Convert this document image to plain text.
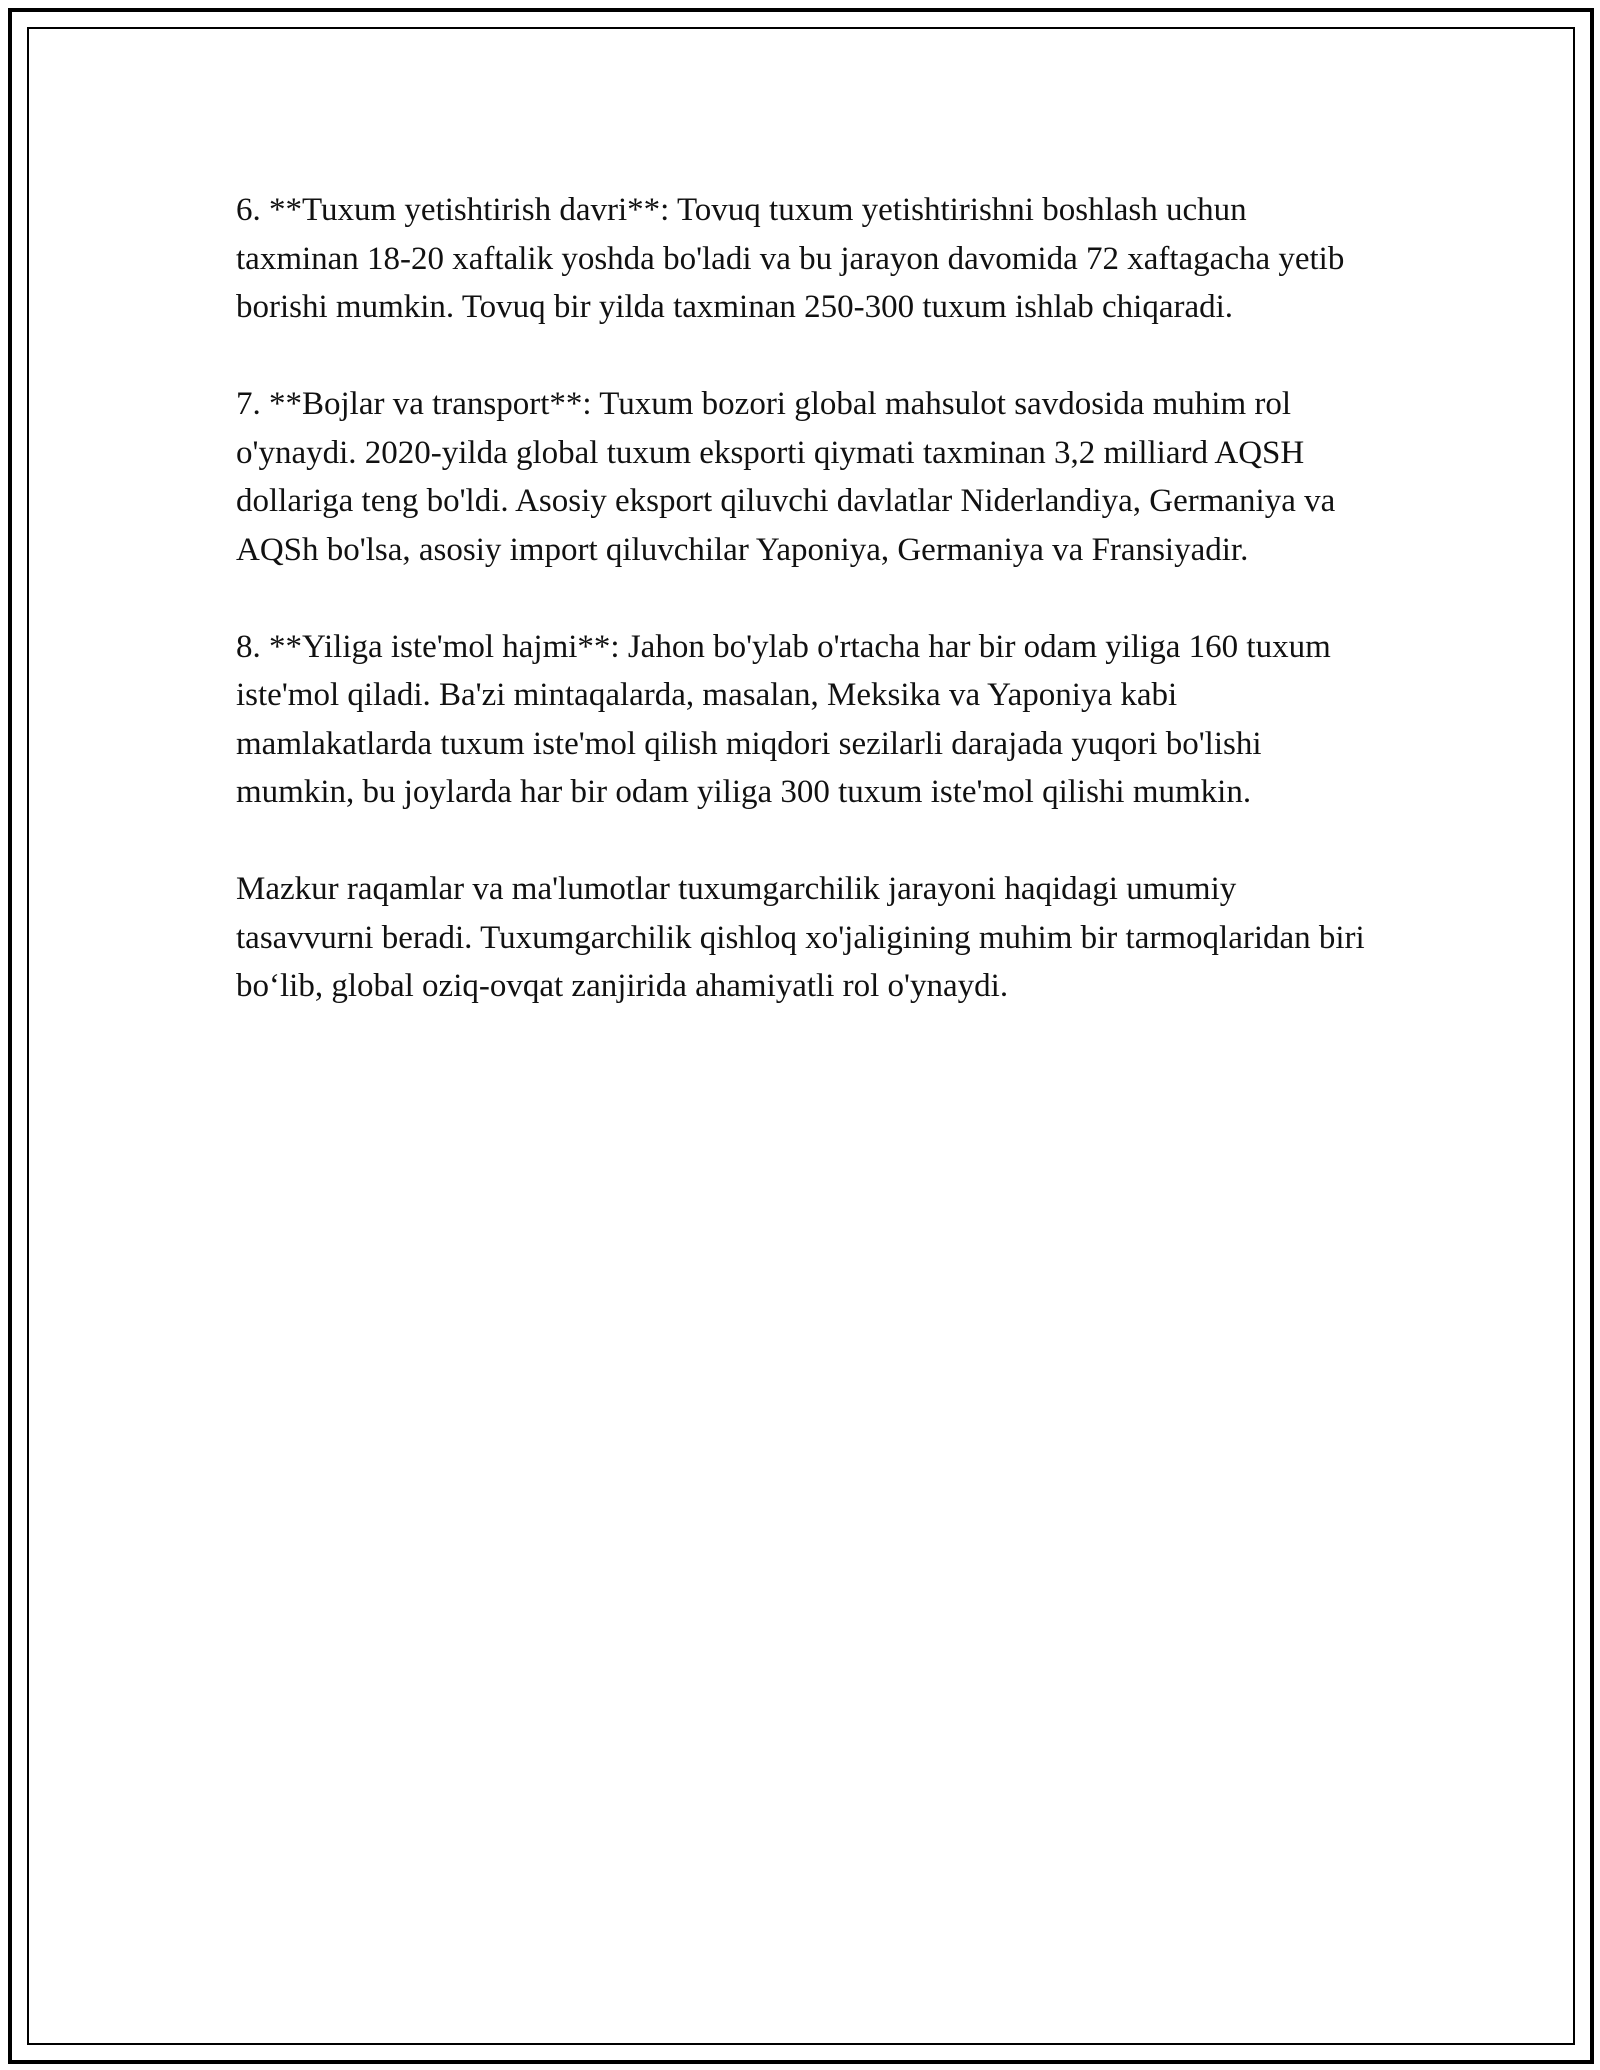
6. **Tuxum yetishtirish davri**: Tovuq tuxum yetishtirishni boshlash uchun taxminan 18-20 xaftalik yoshda bo'ladi va bu jarayon davomida 72 xaftagacha yetib borishi mumkin. Tovuq bir yilda taxminan 250-300 tuxum ishlab chiqaradi.

7. **Bojlar va transport**: Tuxum bozori global mahsulot savdosida muhim rol o'ynaydi. 2020-yilda global tuxum eksporti qiymati taxminan 3,2 milliard AQSH dollariga teng bo'ldi. Asosiy eksport qiluvchi davlatlar Niderlandiya, Germaniya va AQSh bo'lsa, asosiy import qiluvchilar Yaponiya, Germaniya va Fransiyadir.

8. **Yiliga iste'mol hajmi**: Jahon bo'ylab o'rtacha har bir odam yiliga 160 tuxum iste'mol qiladi. Ba'zi mintaqalarda, masalan, Meksika va Yaponiya kabi mamlakatlarda tuxum iste'mol qilish miqdori sezilarli darajada yuqori bo'lishi mumkin, bu joylarda har bir odam yiliga 300 tuxum iste'mol qilishi mumkin.

Mazkur raqamlar va ma'lumotlar tuxumgarchilik jarayoni haqidagi umumiy tasavvurni beradi. Tuxumgarchilik qishloq xo'jaligining muhim bir tarmoqlaridan biri bo‘lib, global oziq-ovqat zanjirida ahamiyatli rol o'ynaydi.
